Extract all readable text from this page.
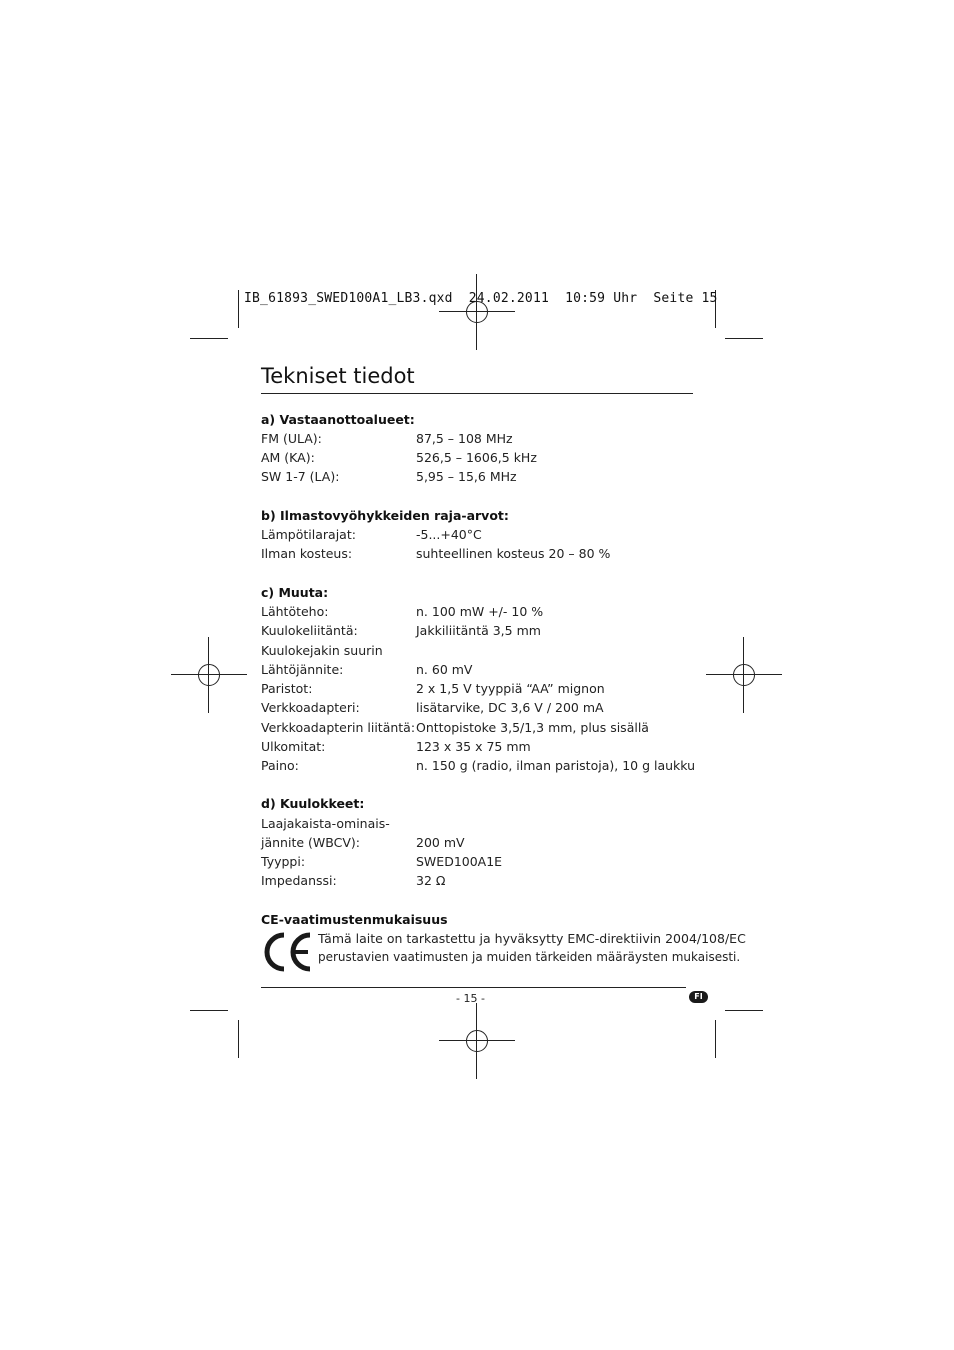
IB_61893_SWED100A1_LB3.qxd  24.02.2011  10:59 Uhr  Seite 15
Tekniset tiedot
a) Vastaanottoalueet:
FM (ULA):	87,5 – 108 MHz
AM (KA):	526,5 – 1606,5 kHz
SW 1-7 (LA):	5,95 – 15,6 MHz
b) Ilmastovyöhykkeiden raja-arvot:
Lämpötilarajat:	-5...+40°C
Ilman kosteus:	suhteellinen kosteus 20 – 80 %
c) Muuta:
Lähtöteho:	n. 100 mW +/- 10 %
Kuulokeliitäntä:	Jakkiliitäntä 3,5 mm
Kuulokejakin suurin
Lähtöjännite:	n. 60 mV
Paristot:	2 x 1,5 V tyyppiä “AA” mignon
Verkkoadapteri:	lisätarvike, DC 3,6 V / 200 mA
Verkkoadapterin liitäntä: Onttopistoke 3,5/1,3 mm, plus sisällä
Ulkomitat:	123 x 35 x 75 mm
Paino:	n. 150 g (radio, ilman paristoja), 10 g laukku
d) Kuulokkeet:
Laajakaista-ominais-
jännite (WBCV):	200 mV
Tyyppi:	SWED100A1E
Impedanssi:	32 Ω
CE-vaatimustenmukaisuus
Tämä laite on tarkastettu ja hyväksytty EMC-direktiivin 2004/108/EC
perustavien vaatimusten ja muiden tärkeiden määräysten mukaisesti.
- 15 -	FI
